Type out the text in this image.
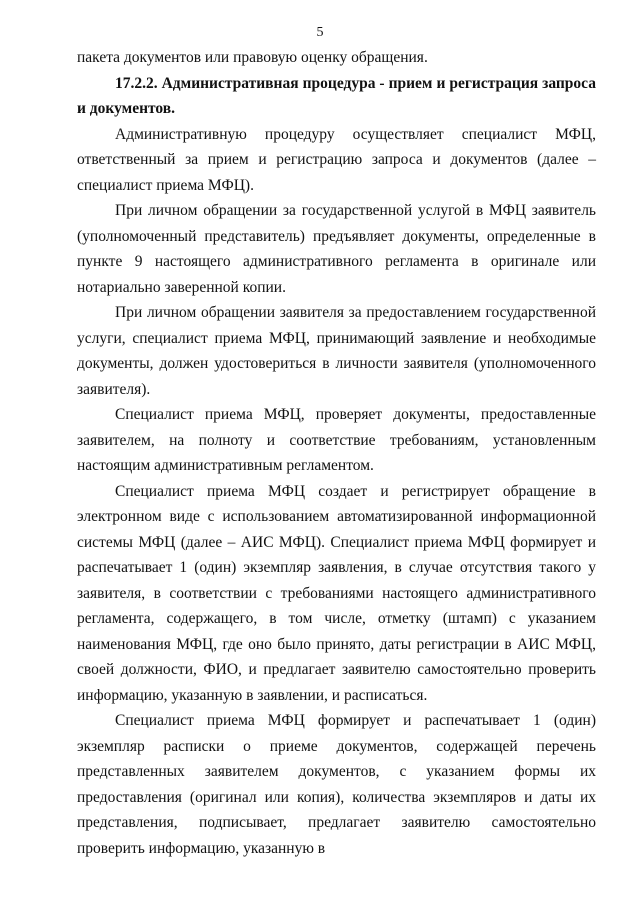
5

пакета документов или правовую оценку обращения.

17.2.2. Административная процедура - прием и регистрация запроса и документов.

Административную процедуру осуществляет специалист МФЦ, ответственный за прием и регистрацию запроса и документов (далее – специалист приема МФЦ).

При личном обращении за государственной услугой в МФЦ заявитель (уполномоченный представитель) предъявляет документы, определенные в пункте 9 настоящего административного регламента в оригинале или нотариально заверенной копии.

При личном обращении заявителя за предоставлением государственной услуги, специалист приема МФЦ, принимающий заявление и необходимые документы, должен удостовериться в личности заявителя (уполномоченного заявителя).

Специалист приема МФЦ, проверяет документы, предоставленные заявителем, на полноту и соответствие требованиям, установленным настоящим административным регламентом.

Специалист приема МФЦ создает и регистрирует обращение в электронном виде с использованием автоматизированной информационной системы МФЦ (далее – АИС МФЦ). Специалист приема МФЦ формирует и распечатывает 1 (один) экземпляр заявления, в случае отсутствия такого у заявителя, в соответствии с требованиями настоящего административного регламента, содержащего, в том числе, отметку (штамп) с указанием наименования МФЦ, где оно было принято, даты регистрации в АИС МФЦ, своей должности, ФИО, и предлагает заявителю самостоятельно проверить информацию, указанную в заявлении, и расписаться.

Специалист приема МФЦ формирует и распечатывает 1 (один) экземпляр расписки о приеме документов, содержащей перечень представленных заявителем документов, с указанием формы их предоставления (оригинал или копия), количества экземпляров и даты их представления, подписывает, предлагает заявителю самостоятельно проверить информацию, указанную в
